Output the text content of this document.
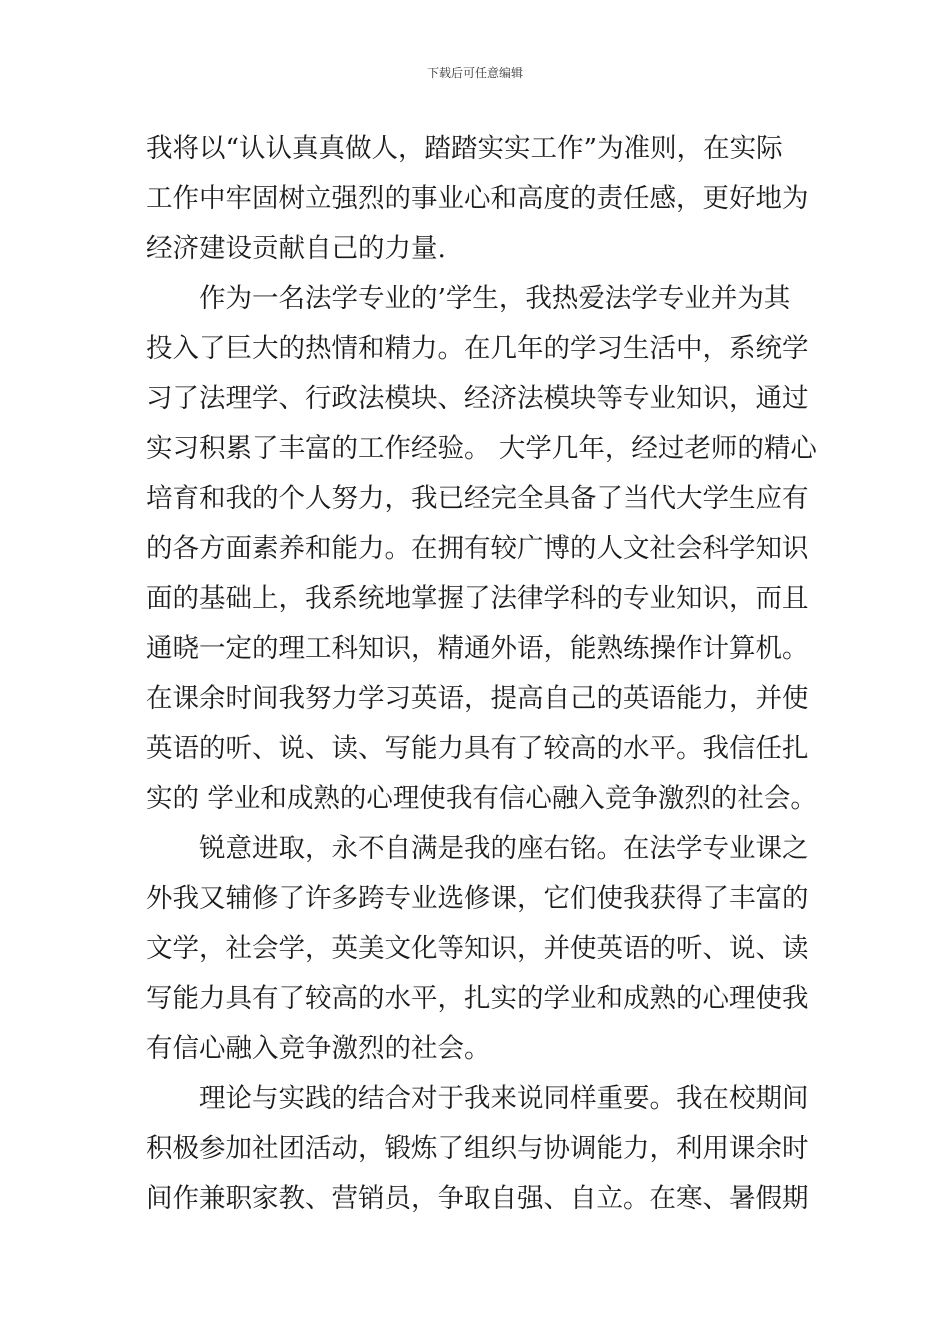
下载后可任意编辑
我将以“认认真真做人，踏踏实实工作”为准则，在实际
工作中牢固树立强烈的事业心和高度的责任感，更好地为
经济建设贡献自己的力量.
作为一名法学专业的’学生，我热爱法学专业并为其
投入了巨大的热情和精力。在几年的学习生活中，系统学
习了法理学、行政法模块、经济法模块等专业知识，通过
实习积累了丰富的工作经验。 大学几年，经过老师的精心
培育和我的个人努力，我已经完全具备了当代大学生应有
的各方面素养和能力。在拥有较广博的人文社会科学知识
面的基础上，我系统地掌握了法律学科的专业知识，而且
通晓一定的理工科知识，精通外语，能熟练操作计算机。
在课余时间我努力学习英语，提高自己的英语能力，并使
英语的听、说、读、写能力具有了较高的水平。我信任扎
实的 学业和成熟的心理使我有信心融入竞争激烈的社会。
锐意进取，永不自满是我的座右铭。在法学专业课之
外我又辅修了许多跨专业选修课，它们使我获得了丰富的
文学，社会学，英美文化等知识，并使英语的听、说、读
写能力具有了较高的水平，扎实的学业和成熟的心理使我
有信心融入竞争激烈的社会。
理论与实践的结合对于我来说同样重要。我在校期间
积极参加社团活动，锻炼了组织与协调能力，利用课余时
间作兼职家教、营销员，争取自强、自立。在寒、暑假期
